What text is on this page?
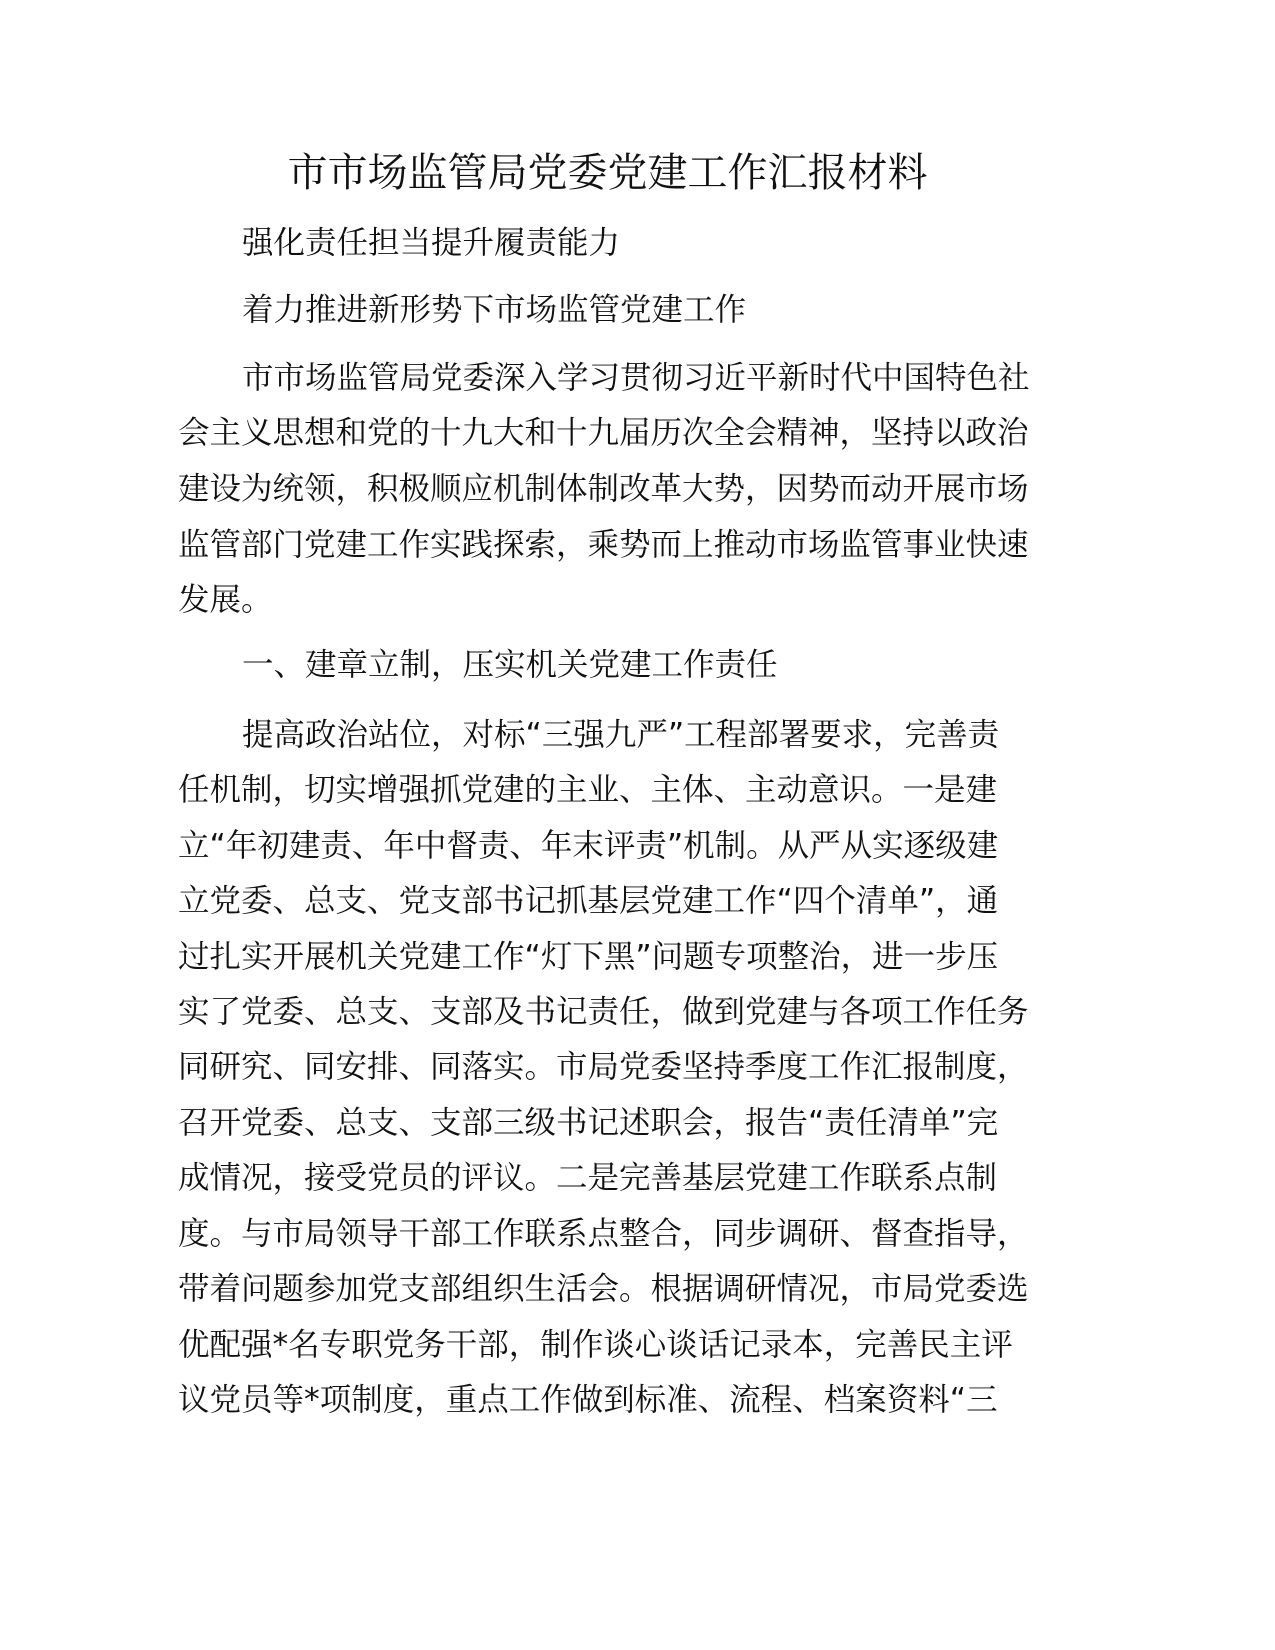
市市场监管局党委党建工作汇报材料
强化责任担当提升履责能力
着力推进新形势下市场监管党建工作
市市场监管局党委深入学习贯彻习近平新时代中国特色社
会主义思想和党的十九大和十九届历次全会精神，坚持以政治
建设为统领，积极顺应机制体制改革大势，因势而动开展市场
监管部门党建工作实践探索，乘势而上推动市场监管事业快速
发展。
一、建章立制，压实机关党建工作责任
提高政治站位，对标“三强九严”工程部署要求，完善责
任机制，切实增强抓党建的主业、主体、主动意识。一是建
立“年初建责、年中督责、年末评责”机制。从严从实逐级建
立党委、总支、党支部书记抓基层党建工作“四个清单”，通
过扎实开展机关党建工作“灯下黑”问题专项整治，进一步压
实了党委、总支、支部及书记责任，做到党建与各项工作任务
同研究、同安排、同落实。市局党委坚持季度工作汇报制度，
召开党委、总支、支部三级书记述职会，报告“责任清单”完
成情况，接受党员的评议。二是完善基层党建工作联系点制
度。与市局领导干部工作联系点整合，同步调研、督查指导，
带着问题参加党支部组织生活会。根据调研情况，市局党委选
优配强*名专职党务干部，制作谈心谈话记录本，完善民主评
议党员等*项制度，重点工作做到标准、流程、档案资料“三
